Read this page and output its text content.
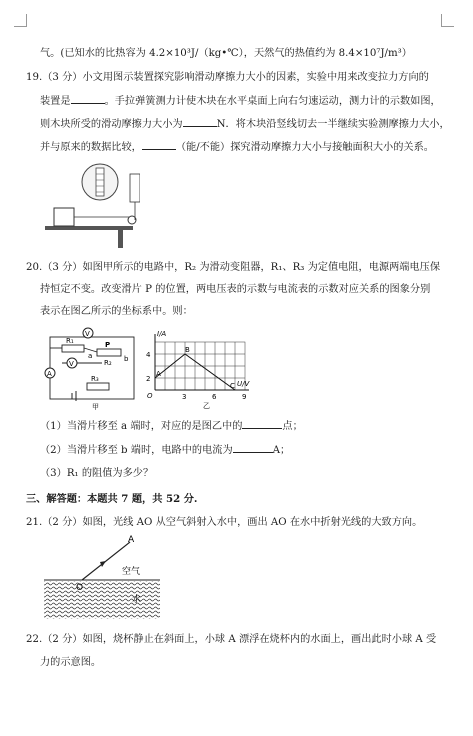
气。(已知水的比热容为 4.2×10³J/（kg•℃），天然气的热值约为 8.4×10⁷J/m³）
19.（3 分）小文用图示装置探究影响滑动摩擦力大小的因素，实验中用来改变拉力方向的
装置是	。手拉弹簧测力计使木块在水平桌面上向右匀速运动，测力计的示数如图，
则木块所受的滑动摩擦力大小为	N．将木块沿竖线切去一半继续实验测摩擦力大小，
并与原来的数据比较，	（能/不能）探究滑动摩擦力大小与接触面积大小的关系。
20.（3 分）如图甲所示的电路中，R₂ 为滑动变阻器，R₁、R₃ 为定值电阻，电源两端电压保
持恒定不变。改变滑片 P 的位置，两电压表的示数与电流表的示数对应关系的图象分别
表示在图乙所示的坐标系中。则：
V
V
A
R₁
R₂
R₃
a	b
P
甲
I/A
U/V
4
2
O	3	6	9
A
B
C
乙
（1）当滑片移至 a 端时，对应的是图乙中的	点；
（2）当滑片移至 b 端时，电路中的电流为	A；
（3）R₁ 的阻值为多少？
三、解答题：本题共 7 题，共 52 分.
21.（2 分）如图，光线 AO 从空气斜射入水中，画出 AO 在水中折射光线的大致方向。
A
O
空气
水
22.（2 分）如图，烧杯静止在斜面上，小球 A 漂浮在烧杯内的水面上，画出此时小球 A 受
力的示意图。
